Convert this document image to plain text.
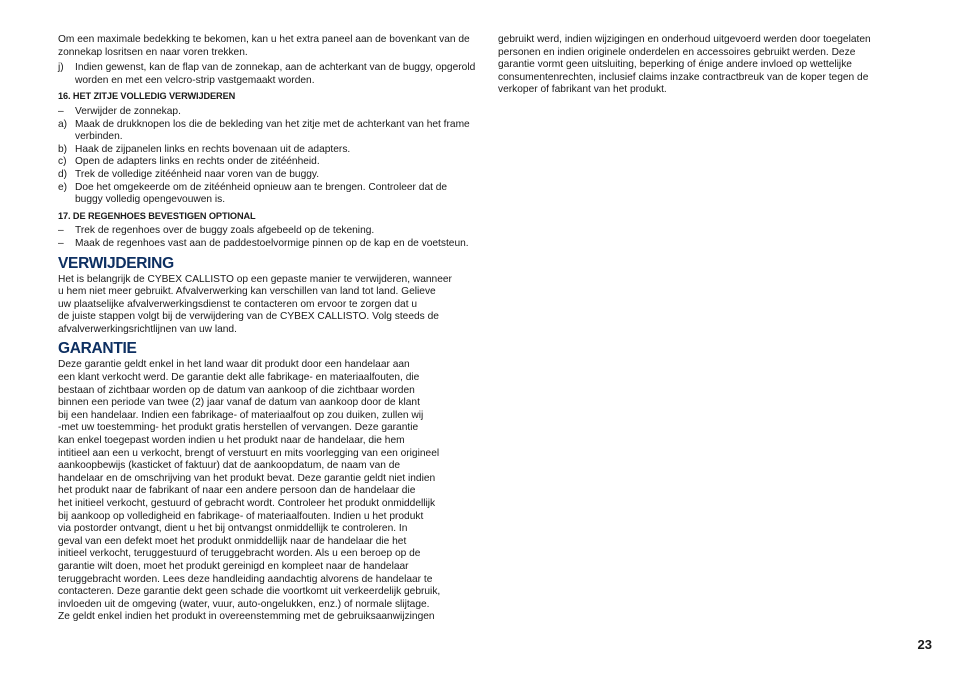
Om een maximale bedekking te bekomen, kan u het extra paneel aan de bovenkant van de zonnekap losritsen en naar voren trekken.

j)	Indien gewenst, kan de flap van de zonnekap, aan de achterkant van de buggy, opgerold worden en met een velcro-strip vastgemaakt worden.
16. HET ZITJE VOLLEDIG VERWIJDEREN
–	Verwijder de zonnekap.
a) Maak de drukknopen los die de bekleding van het zitje met de achterkant van het frame verbinden.
b) Haak de zijpanelen links en rechts bovenaan uit de adapters.
c) Open de adapters links en rechts onder de zitéénheid.
d) Trek de volledige zitéénheid naar voren van de buggy.
e) Doe het omgekeerde om de zitéénheid opnieuw aan te brengen. Controleer dat de buggy volledig opengevouwen is.
17. DE REGENHOES BEVESTIGEN OPTIONAL
–	Trek de regenhoes over de buggy zoals afgebeeld op de tekening.
–	Maak de regenhoes vast aan de paddestoelvormige pinnen op de kap en de voetsteun.
VERWIJDERING

Het is belangrijk de CYBEX CALLISTO op een gepaste manier te verwijderen, wanneer

u hem niet meer gebruikt. Afvalverwerking kan verschillen van land tot land. Gelieve

uw plaatselijke afvalverwerkingsdienst te contacteren om ervoor te zorgen dat u

de juiste stappen volgt bij de verwijdering van de CYBEX CALLISTO. Volg steeds de

afvalverwerkingsrichtlijnen van uw land.

GARANTIE

Deze garantie geldt enkel in het land waar dit produkt door een handelaar aan

een klant verkocht werd. De garantie dekt alle fabrikage- en materiaalfouten, die

bestaan of zichtbaar worden op de datum van aankoop of die zichtbaar worden

binnen een periode van twee (2) jaar vanaf de datum van aankoop door de klant

bij een handelaar. Indien een fabrikage- of materiaalfout op zou duiken, zullen wij

-met uw toestemming- het produkt gratis herstellen of vervangen. Deze garantie

kan enkel toegepast worden indien u het produkt naar de handelaar, die hem

intitieel aan een u verkocht, brengt of verstuurt en mits voorlegging van een origineel

aankoopbewijs (kasticket of faktuur) dat de aankoopdatum, de naam van de

handelaar en de omschrijving van het produkt bevat. Deze garantie geldt niet indien

het produkt naar de fabrikant of naar een andere persoon dan de handelaar die

het initieel verkocht, gestuurd of gebracht wordt. Controleer het produkt onmiddellijk

bij aankoop op volledigheid en fabrikage- of materiaalfouten. Indien u het produkt

via postorder ontvangt, dient u het bij ontvangst onmiddellijk te controleren. In

geval van een defekt moet het produkt onmiddellijk naar de handelaar die het

initieel verkocht, teruggestuurd of teruggebracht worden. Als u een beroep op de

garantie wilt doen, moet het produkt gereinigd en kompleet naar de handelaar

teruggebracht worden. Lees deze handleiding aandachtig alvorens de handelaar te

contacteren. Deze garantie dekt geen schade die voortkomt uit verkeerdelijk gebruik,

invloeden uit de omgeving (water, vuur, auto-ongelukken, enz.) of normale slijtage.

Ze geldt enkel indien het produkt in overeenstemming met de gebruiksaanwijzingen

gebruikt werd, indien wijzigingen en onderhoud uitgevoerd werden door toegelaten

personen en indien originele onderdelen en accessoires gebruikt werden. Deze

garantie vormt geen uitsluiting, beperking of énige andere invloed op wettelijke

consumentenrechten, inclusief claims inzake contractbreuk van de koper tegen de

verkoper of fabrikant van het produkt.

23
